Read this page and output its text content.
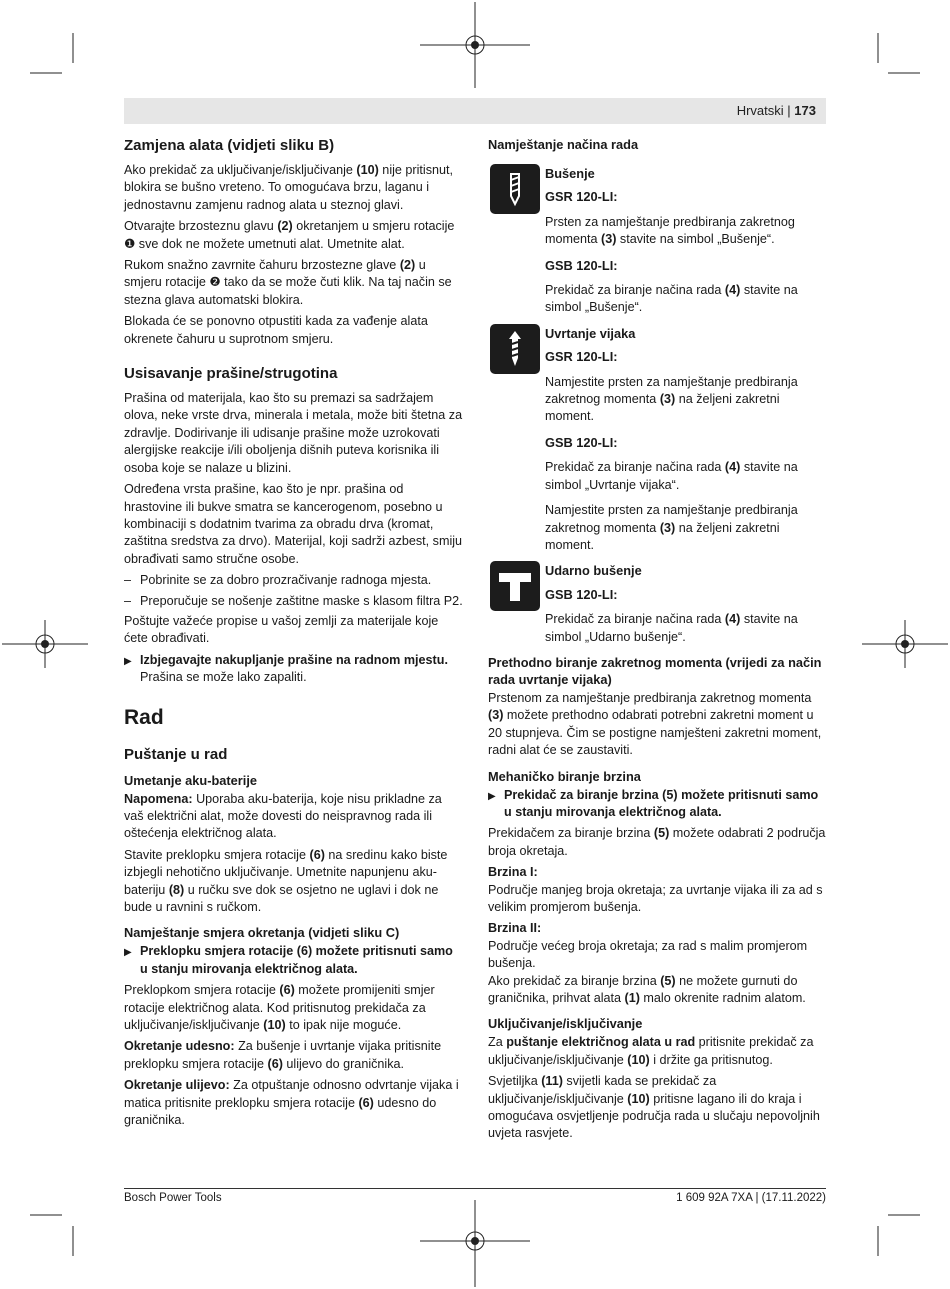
Hrvatski | 173
Zamjena alata (vidjeti sliku B)

Ako prekidač za uključivanje/isključivanje (10) nije pritisnut, blokira se bušno vreteno. To omogućava brzu, laganu i jednostavnu zamjenu radnog alata u steznoj glavi.

Otvarajte brzosteznu glavu (2) okretanjem u smjeru rotacije ❶ sve dok ne možete umetnuti alat. Umetnite alat.

Rukom snažno zavrnite čahuru brzostezne glave (2) u smjeru rotacije ❷ tako da se može čuti klik. Na taj način se stezna glava automatski blokira.

Blokada će se ponovno otpustiti kada za vađenje alata okrenete čahuru u suprotnom smjeru.

Usisavanje prašine/strugotina

Prašina od materijala, kao što su premazi sa sadržajem olova, neke vrste drva, minerala i metala, može biti štetna za zdravlje. Dodirivanje ili udisanje prašine može uzrokovati alergijske reakcije i/ili oboljenja dišnih puteva korisnika ili osoba koje se nalaze u blizini.

Određena vrsta prašine, kao što je npr. prašina od hrastovine ili bukve smatra se kancerogenom, posebno u kombinaciji s dodatnim tvarima za obradu drva (kromat, zaštitna sredstva za drvo). Materijal, koji sadrži azbest, smiju obrađivati samo stručne osobe.

– Pobrinite se za dobro prozračivanje radnoga mjesta.
– Preporučuje se nošenje zaštitne maske s klasom filtra P2.

Poštujte važeće propise u vašoj zemlji za materijale koje ćete obrađivati.

▶ Izbjegavajte nakupljanje prašine na radnom mjestu.
Prašina se može lako zapaliti.
Rad
Puštanje u rad
Umetanje aku-baterije

Napomena: Uporaba aku-baterija, koje nisu prikladne za vaš električni alat, može dovesti do neispravnog rada ili oštećenja električnog alata.

Stavite preklopku smjera rotacije (6) na sredinu kako biste izbjegli nehotično uključivanje. Umetnite napunjenu aku-bateriju (8) u ručku sve dok se osjetno ne uglavi i dok ne bude u ravnini s ručkom.

Namještanje smjera okretanja (vidjeti sliku C)
▶ Preklopku smjera rotacije (6) možete pritisnuti samo u stanju mirovanja električnog alata.

Preklopkom smjera rotacije (6) možete promijeniti smjer rotacije električnog alata. Kod pritisnutog prekidača za uključivanje/isključivanje (10) to ipak nije moguće.

Okretanje udesno: Za bušenje i uvrtanje vijaka pritisnite preklopku smjera rotacije (6) ulijevo do graničnika.

Okretanje ulijevo: Za otpuštanje odnosno odvrtanje vijaka i matica pritisnite preklopku smjera rotacije (6) udesno do graničnika.

Namještanje načina rada
Bušenje
GSR 120-LI:

Prsten za namještanje predbiranja zakretnog momenta (3) stavite na simbol „Bušenje“.

GSB 120-LI:

Prekidač za biranje načina rada (4) stavite na simbol „Bušenje“.

Uvrtanje vijaka
GSR 120-LI:

Namjestite prsten za namještanje predbiranja zakretnog momenta (3) na željeni zakretni moment.

GSB 120-LI:

Prekidač za biranje načina rada (4) stavite na simbol „Uvrtanje vijaka“.

Namjestite prsten za namještanje predbiranja zakretnog momenta (3) na željeni zakretni moment.

Udarno bušenje
GSB 120-LI:

Prekidač za biranje načina rada (4) stavite na simbol „Udarno bušenje“.

Prethodno biranje zakretnog momenta (vrijedi za način rada uvrtanje vijaka)

Prstenom za namještanje predbiranja zakretnog momenta (3) možete prethodno odabrati potrebni zakretni moment u 20 stupnjeva. Čim se postigne namješteni zakretni moment, radni alat će se zaustaviti.

Mehaničko biranje brzina
▶ Prekidač za biranje brzina (5) možete pritisnuti samo u stanju mirovanja električnog alata.

Prekidačem za biranje brzina (5) možete odabrati 2 područja broja okretaja.

Brzina I:

Područje manjeg broja okretaja; za uvrtanje vijaka ili za ad s velikim promjerom bušenja.

Brzina II:

Područje većeg broja okretaja; za rad s malim promjerom bušenja.

Ako prekidač za biranje brzina (5) ne možete gurnuti do graničnika, prihvat alata (1) malo okrenite radnim alatom.

Uključivanje/isključivanje

Za puštanje električnog alata u rad pritisnite prekidač za uključivanje/isključivanje (10) i držite ga pritisnutog.

Svjetiljka (11) svijetli kada se prekidač za uključivanje/isključivanje (10) pritisne lagano ili do kraja i omogućava osvjetljenje područja rada u slučaju nepovoljnih uvjeta rasvjete.

Bosch Power Tools	1 609 92A 7XA | (17.11.2022)
